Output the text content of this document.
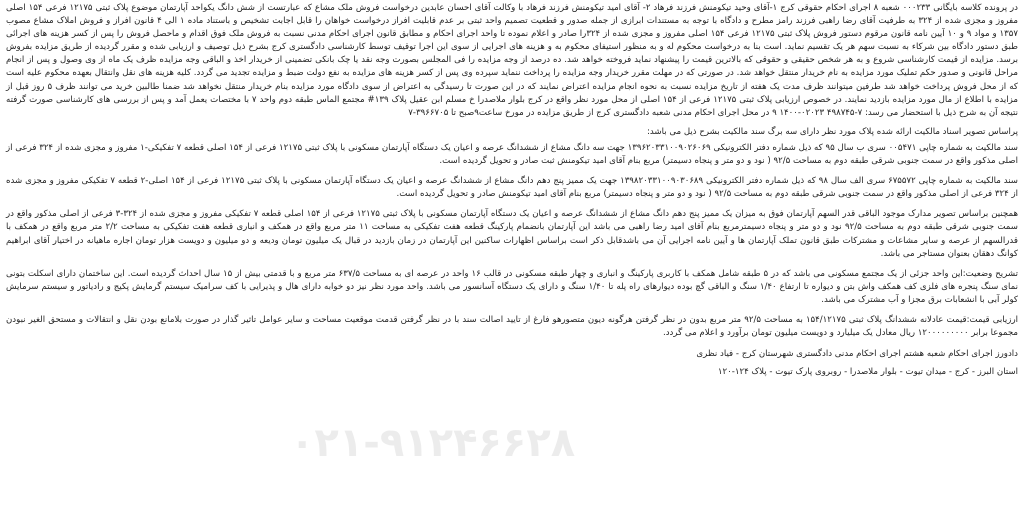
در پرونده کلاسه بایگانی ۰۰۰۲۳۳ شعبه ۸ اجرای احکام حقوقی کرج ۱-آقای وحید تیکومنش فرزند فرهاد ۲- آقای امید تیکومنش فرزند فرهاد با وکالت آقای احسان عابدین درخواست فروش ملک مشاع که عبارتست از شش دانگ یکواحد آپارتمان موضوع پلاک ثبتی ۱۲۱۷۵ فرعی ۱۵۴ اصلی مفروز و مجزی شده از ۳۲۴ به طرفیت آقای رضا راهبی فرزند رامز مطرح و دادگاه با توجه به مستندات ابرازی از جمله صدور و قطعیت تصمیم واحد ثبتی بر عدم قابلیت افراز درخواست خواهان را قابل اجابت تشخیص و باستناد ماده ۱ الی ۴ قانون افراز و فروش املاک مشاع مصوب ۱۳۵۷ و مواد ۹ و ۱۰ آیین نامه قانون مرقوم دستور فروش پلاک ثبتی ۱۲۱۷۵ فرعی ۱۵۴ اصلی مفروز و مجزی شده از ۳۲۴را صادر و اعلام نموده تا واحد اجرای احکام و مطابق قانون اجرای احکام مدنی نسبت به فروش ملک فوق اقدام و ماحصل فروش را پس از کسر هزینه های اجرائی طبق دستور دادگاه بین شرکاء به نسبت سهم هر یک تقسیم نماید. است بنا به درخواست محکوم له و به منظور استیفای محکوم به و هزینه های اجرایی از سوی این اجرا توقیف توسط کارشناسی دادگستری کرج بشرح ذیل توصیف و ارزیابی شده و مقرر گردیده از طریق مزایده بفروش برسد. مزایده از قیمت کارشناسی شروع و به هر شخص حقیقی و حقوقی که بالاترین قیمت را پیشنهاد نماید فروخته خواهد شد. ده درصد از وجه مزایده را فی المجلس بصورت وجه نقد یا چک بانکی تضمینی از خریدار اخذ و الباقی وجه مزایده ظرف یک ماه از وی وصول و پس از انجام مراحل قانونی و صدور حکم تملیک مورد مزایده به نام خریدار منتقل خواهد شد. در صورتی که در مهلت مقرر خریدار وجه مزایده را پرداخت ننماید سپرده وی پس از کسر هزینه های مزایده به نفع دولت ضبط و مزایده تجدید می گردد. کلیه هزینه های نقل وانتقال بعهده محکوم علیه است که از محل فروش پرداخت خواهد شد طرفین میتوانند ظرف مدت یک هفته از تاریخ مزایده نسبت به نحوه انجام مزایده اعتراض نمایند که در این صورت تا رسیدگی به اعتراض از سوی دادگاه مورد مزایده بنام خریدار منتقل نخواهد شد ضمنا طالبین خرید می توانند ظرف ۵ روز قبل از مزایده با اطلاع از مال مورد مزایده بازدید نمایند. در خصوص ارزیابی پلاک ثبتی ۱۲۱۷۵ فرعی از ۱۵۴ اصلی از محل مورد نظر واقع در کرج بلوار ملاصدرا خ مسلم ابن عقیل پلاک ۱۳۹# مجتمع الماس طبقه دوم واحد ۷ با مختصات یعمل آمد و پس از بررسی های کارشناسی صورت گرفته نتیجه آن به شرح ذیل با استحضار می رسد: ۷-۴۹۸۷۴۵ ۰۲۰۲۳-۱۴۰۰ ۹ در محل اجرای احکام مدنی شعبه دادگستری کرج از طریق مزایده در مورخ ساعت۹صبح تا ۳۹۶۶۷۰۵-۷

پراساس تصویر اسناد مالکیت ارائه شده پلاک مورد نظر دارای سه برگ سند مالکیت بشرح ذیل می باشد:

سند مالکیت به شماره چاپی ۰۰۵۴۷۱ سری ب سال ۹۵ که ذیل شماره دفتر الکترونیکی ۱۳۹۶۲۰۳۳۱۰۰۹۰۲۶۰۶۹ جهت سه دانگ مشاع از ششدانگ عرصه و اعیان یک دستگاه آپارتمان مسکونی با پلاک ثبتی ۱۲۱۷۵ فرعی از ۱۵۴ اصلی قطعه ۷ تفکیکی-۱ مفروز و مجزی شده از ۳۲۴ فرعی از اصلی مذکور واقع در سمت جنوبی شرقی طبقه دوم به مساحت ۹۲/۵ ( نود و دو متر و پنجاه دسیمتر) مربع بنام آقای امید تیکومنش ثبت صادر و تحویل گردیده است.

سند مالکیت به شماره چاپی ۶۷۵۵۷۲ سری الف سال ۹۸ که ذیل شماره دفتر الکترونیکی ۱۳۹۸۲۰۳۳۱۰۰۹۰۳۰۶۸۹ جهت یک ممیز پنج دهم دانگ مشاع از ششدانگ عرصه و اعیان یک دستگاه آپارتمان مسکونی با پلاک ثبتی ۱۲۱۷۵ فرعی از ۱۵۴ اصلی-۲ قطعه ۷ تفکیکی مفروز و مجزی شده از ۳۲۴ فرعی از اصلی مذکور واقع در سمت جنوبی شرقی طبقه دوم به مساحت ۹۲/۵ ( نود و دو متر و پنجاه دسیمتر) مربع بنام آقای امید تیکومنش صادر و تحویل گردیده است.

همچنین براساس تصویر مدارک موجود الباقی قدر السهم آپارتمان فوق به میزان یک ممیز پنج دهم دانگ مشاع از ششدانگ عرصه و اعیان یک دستگاه آپارتمان مسکونی با پلاک ثبتی ۱۲۱۷۵ فرعی از ۱۵۴ اصلی قطعه ۷ تفکیکی مفروز و مجزی شده از ۳۲۴-۳ فرعی از اصلی مذکور واقع در سمت جنوبی شرقی طبقه دوم به مساحت ۹۲/۵ نود و دو متر و پنجاه دسیمترمربع بنام آقای امید رضا راهبی می باشد این آپارتمان بانضمام پارکینگ قطعه هفت تفکیکی به مساحت ۱۱ متر مربع واقع در همکف و انباری قطعه هفت تفکیکی به مساحت ۲/۲ متر مربع واقع در همکف با قدرالسهم از عرصه و سایر مشاعات و مشترکات طبق قانون تملک آپارتمان ها و آیین نامه اجرایی آن می باشدقابل ذکر است براساس اظهارات ساکنین این آپارتمان در زمان بازدید در قبال یک میلیون تومان ودیعه و دو میلیون و دویست هزار تومان اجاره ماهیانه در اختیار آقای ابراهیم کوانگ دهقان بعنوان مستاجر می باشد.

تشریح وضعیت:این واحد جزئی از یک مجتمع مسکونی می باشد که در ۵ طبقه شامل همکف با کاربری پارکینگ و انباری و چهار طبقه مسکونی در قالب ۱۶ واحد در عرصه ای به مساحت ۶۳۷/۵ متر مربع و با قدمتی بیش از ۱۵ سال احداث گردیده است. این ساختمان دارای اسکلت بتونی نمای سنگ پنجره های فلزی کف همکف واش بتن و دیواره تا ارتفاع ۱/۴۰ سنگ و الباقی گچ بوده دیوارهای راه پله تا ۱/۴۰ سنگ و دارای یک دستگاه آسانسور می باشد. واحد مورد نظر نیز دو خوابه دارای هال و پذیرایی با کف سرامیک سیستم گرمایش پکیج و رادیاتور و سیستم سرمایش کولر آبی با انشعابات برق مجزا و آب مشترک می باشد.

ارزیابی قیمت:قیمت عادلانه ششدانگ پلاک ثبتی ۱۵۴/۱۲۱۷۵ به مساحت ۹۲/۵ متر مربع بدون در نظر گرفتن هرگونه دیون متصورهو فارغ از تایید اصالت سند با در نظر گرفتن قدمت موقعیت مساحت و سایر عوامل تاثیر گذار در صورت بلامانع بودن نقل و انتقالات و مستحق الغیر نبودن مجموعا برابر ۱۲۰۰۰۰۰۰۰۰۰ ریال معادل یک میلیارد و دویست میلیون تومان برآورد و اعلام می گردد.

دادورز اجرای احکام شعبه هشتم اجرای احکام مدنی دادگستری شهرستان کرج - فیاد نظری

استان البرز - کرج - میدان تیوت - بلوار ملاصدرا - روبروی پارک تیوت - پلاک ۱۲۴-۱۲۰

۰۲۱-۹۱۲۴۶۶۲۸
